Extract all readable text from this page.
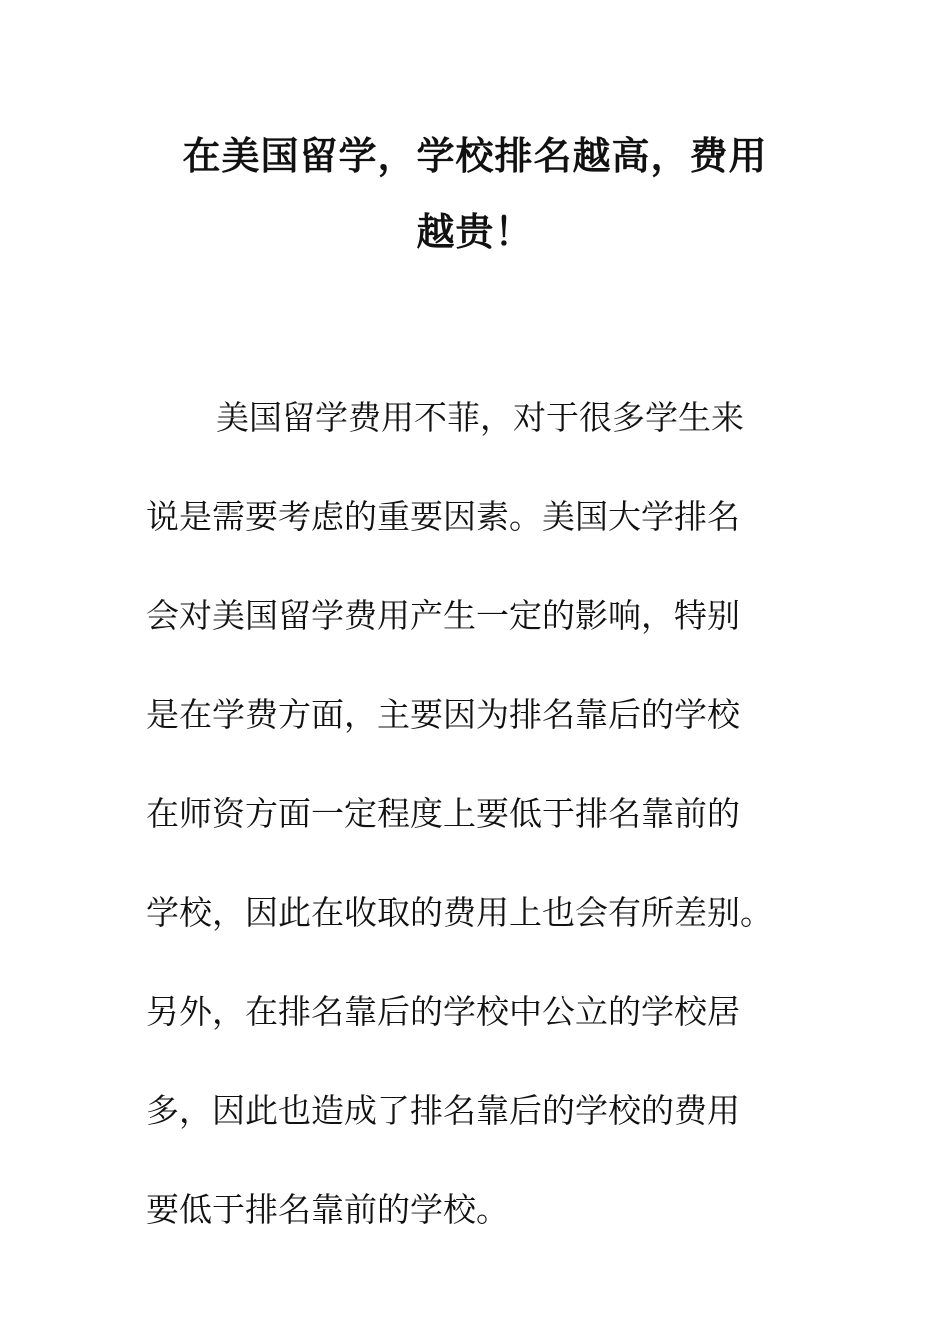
在美国留学，学校排名越高，费用
越贵！

美国留学费用不菲，对于很多学生来
说是需要考虑的重要因素。美国大学排名
会对美国留学费用产生一定的影响，特别
是在学费方面，主要因为排名靠后的学校
在师资方面一定程度上要低于排名靠前的
学校，因此在收取的费用上也会有所差别。
另外，在排名靠后的学校中公立的学校居
多，因此也造成了排名靠后的学校的费用
要低于排名靠前的学校。
